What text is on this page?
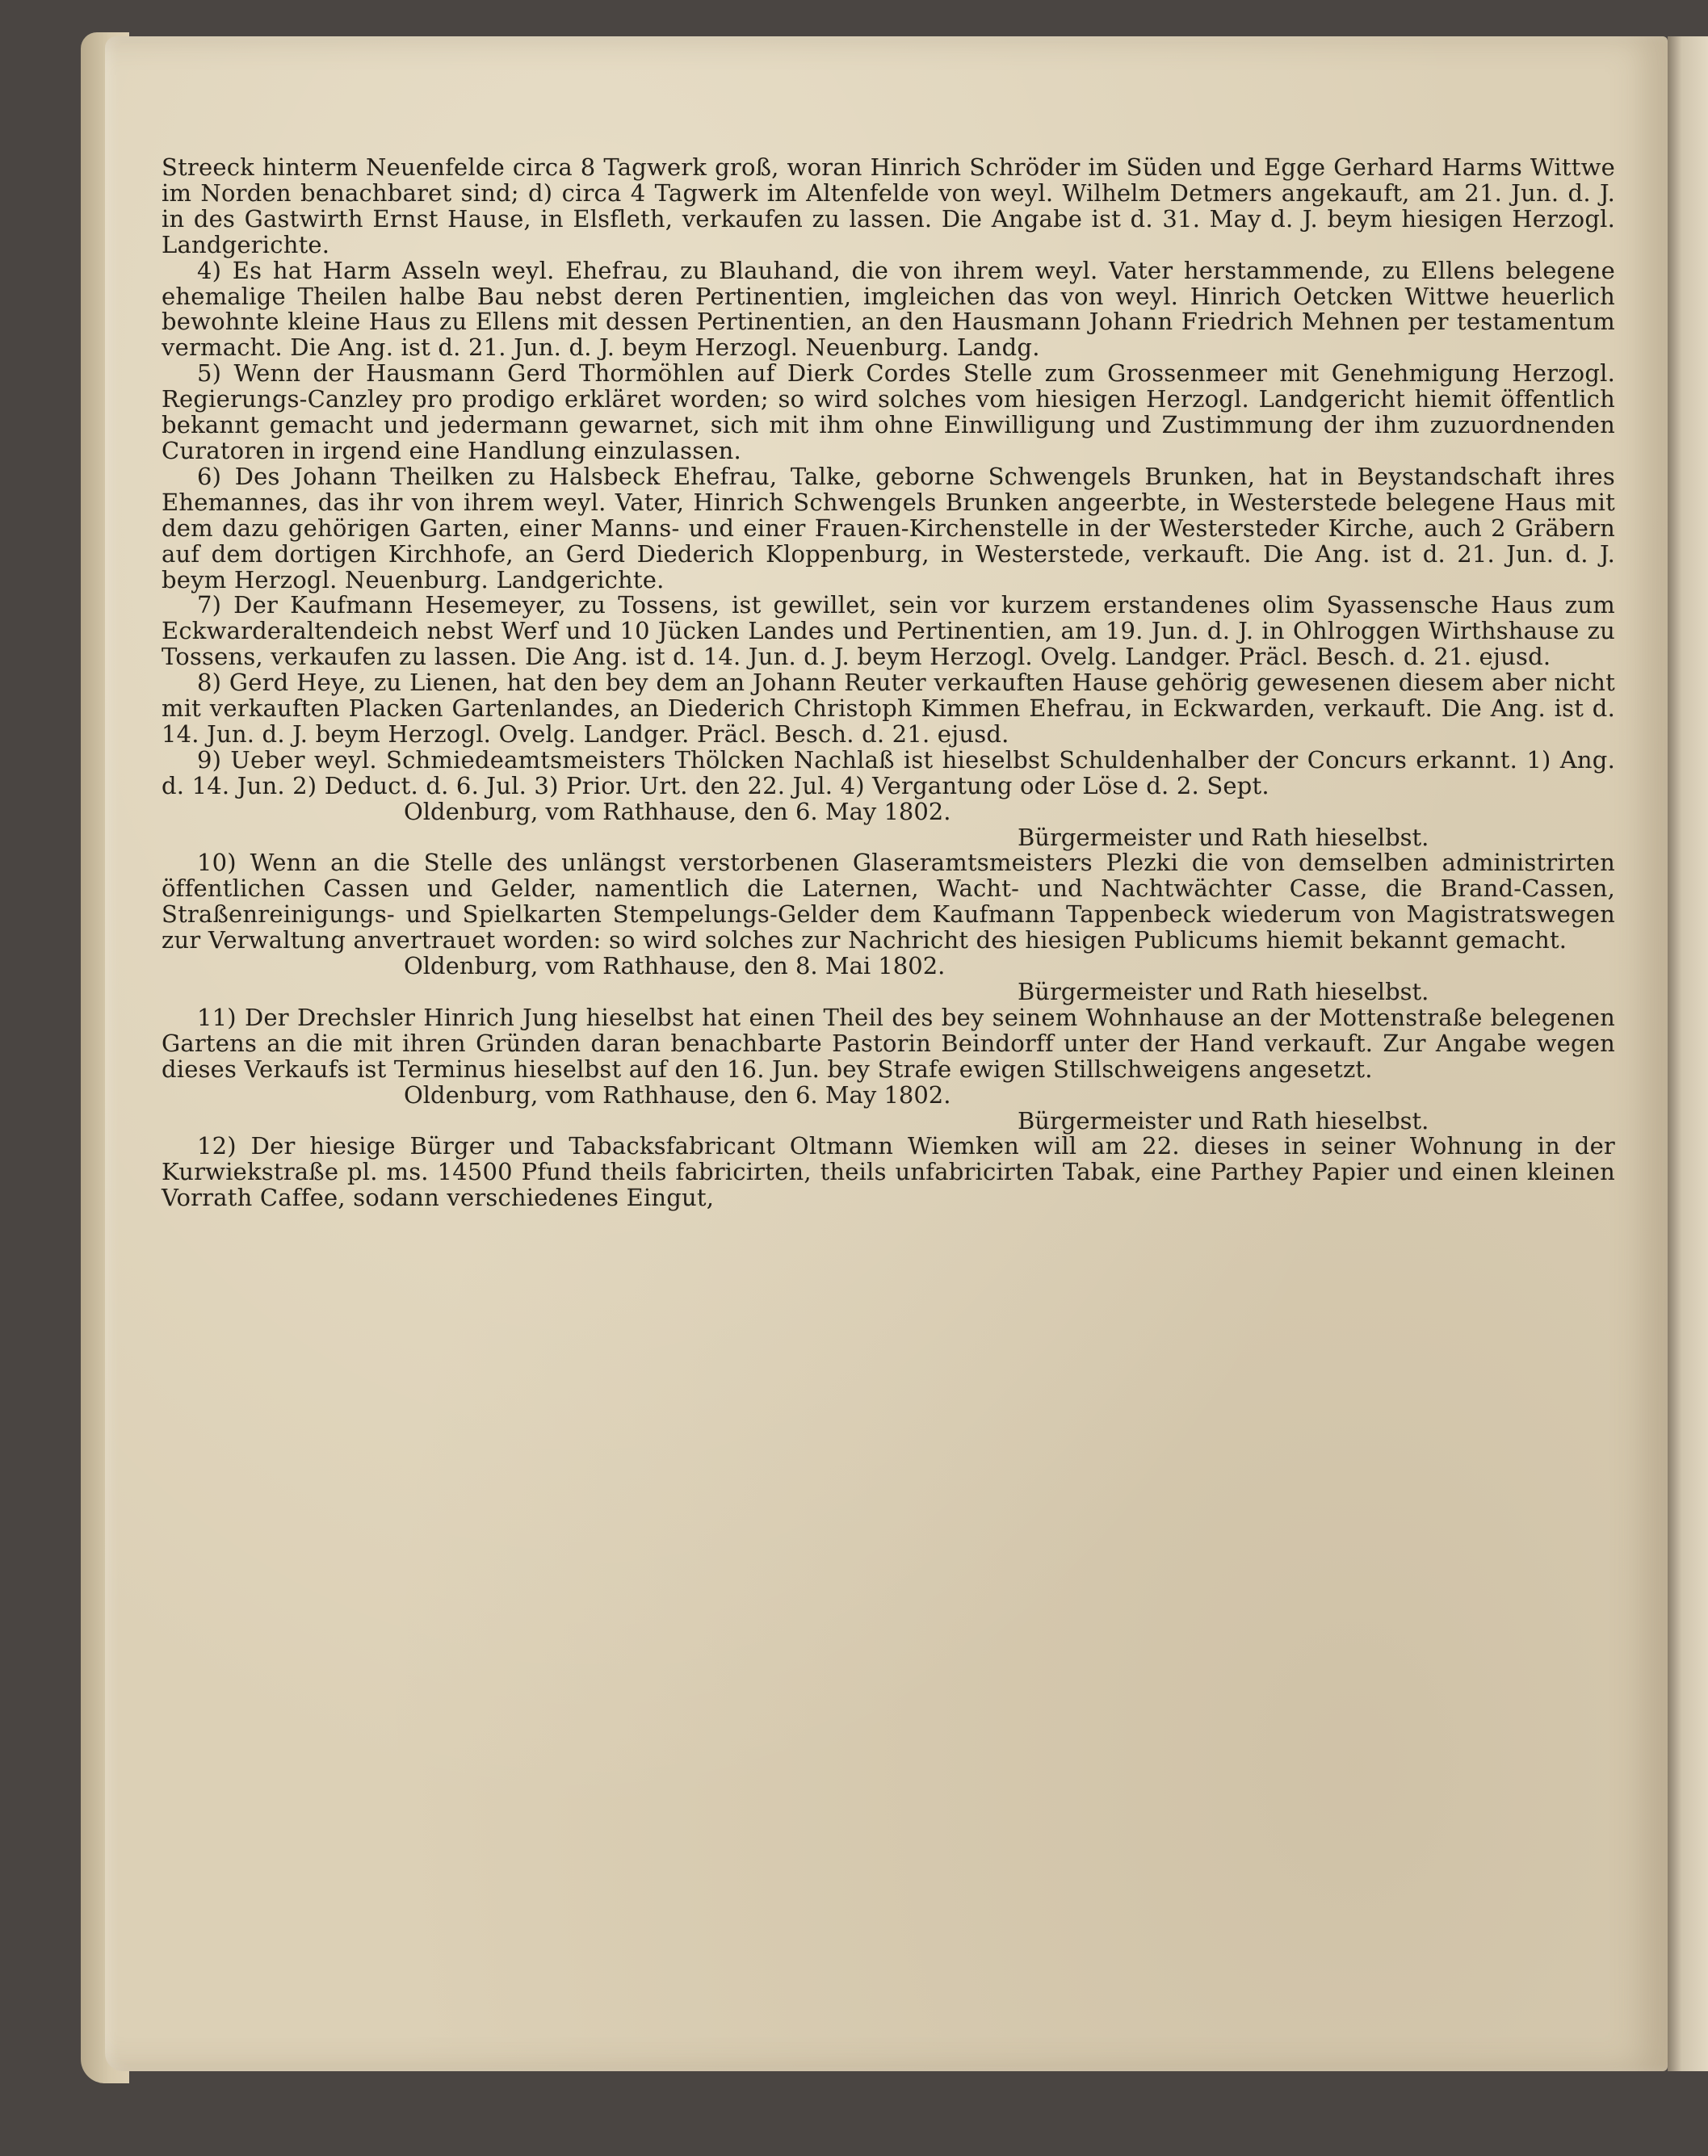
Streeck hinterm Neuenfelde circa 8 Tagwerk groß, woran Hinrich Schröder im Süden und Egge Gerhard Harms Wittwe im Norden benachbaret sind; d) circa 4 Tagwerk im Altenfelde von weyl. Wilhelm Detmers angekauft, am 21. Jun. d. J. in des Gastwirth Ernst Hause, in Elsfleth, verkaufen zu lassen. Die Angabe ist d. 31. May d. J. beym hiesigen Herzogl. Landgerichte.

4) Es hat Harm Asseln weyl. Ehefrau, zu Blauhand, die von ihrem weyl. Vater herstammende, zu Ellens belegene ehemalige Theilen halbe Bau nebst deren Pertinentien, imgleichen das von weyl. Hinrich Oetcken Wittwe heuerlich bewohnte kleine Haus zu Ellens mit dessen Pertinentien, an den Hausmann Johann Friedrich Mehnen per testamentum vermacht. Die Ang. ist d. 21. Jun. d. J. beym Herzogl. Neuenburg. Landg.

5) Wenn der Hausmann Gerd Thormöhlen auf Dierk Cordes Stelle zum Grossenmeer mit Genehmigung Herzogl. Regierungs-Canzley pro prodigo erkläret worden; so wird solches vom hiesigen Herzogl. Landgericht hiemit öffentlich bekannt gemacht und jedermann gewarnet, sich mit ihm ohne Einwilligung und Zustimmung der ihm zuzuordnenden Curatoren in irgend eine Handlung einzulassen.

6) Des Johann Theilken zu Halsbeck Ehefrau, Talke, geborne Schwengels Brunken, hat in Beystandschaft ihres Ehemannes, das ihr von ihrem weyl. Vater, Hinrich Schwengels Brunken angeerbte, in Westerstede belegene Haus mit dem dazu gehörigen Garten, einer Manns- und einer Frauen-Kirchenstelle in der Westersteder Kirche, auch 2 Gräbern auf dem dortigen Kirchhofe, an Gerd Diederich Kloppenburg, in Westerstede, verkauft. Die Ang. ist d. 21. Jun. d. J. beym Herzogl. Neuenburg. Landgerichte.

7) Der Kaufmann Hesemeyer, zu Tossens, ist gewillet, sein vor kurzem erstandenes olim Syassensche Haus zum Eckwarderaltendeich nebst Werf und 10 Jücken Landes und Pertinentien, am 19. Jun. d. J. in Ohlroggen Wirthshause zu Tossens, verkaufen zu lassen. Die Ang. ist d. 14. Jun. d. J. beym Herzogl. Ovelg. Landger. Präcl. Besch. d. 21. ejusd.

8) Gerd Heye, zu Lienen, hat den bey dem an Johann Reuter verkauften Hause gehörig gewesenen diesem aber nicht mit verkauften Placken Gartenlandes, an Diederich Christoph Kimmen Ehefrau, in Eckwarden, verkauft. Die Ang. ist d. 14. Jun. d. J. beym Herzogl. Ovelg. Landger. Präcl. Besch. d. 21. ejusd.

9) Ueber weyl. Schmiedeamtsmeisters Thölcken Nachlaß ist hieselbst Schuldenhalber der Concurs erkannt. 1) Ang. d. 14. Jun. 2) Deduct. d. 6. Jul. 3) Prior. Urt. den 22. Jul. 4) Vergantung oder Löse d. 2. Sept.

Oldenburg, vom Rathhause, den 6. May 1802.

Bürgermeister und Rath hieselbst.

10) Wenn an die Stelle des unlängst verstorbenen Glaseramtsmeisters Plezki die von demselben administrirten öffentlichen Cassen und Gelder, namentlich die Laternen, Wacht- und Nachtwächter Casse, die Brand-Cassen, Straßenreinigungs- und Spielkarten Stempelungs-Gelder dem Kaufmann Tappenbeck wiederum von Magistratswegen zur Verwaltung anvertrauet worden: so wird solches zur Nachricht des hiesigen Publicums hiemit bekannt gemacht.

Oldenburg, vom Rathhause, den 8. Mai 1802.

Bürgermeister und Rath hieselbst.

11) Der Drechsler Hinrich Jung hieselbst hat einen Theil des bey seinem Wohnhause an der Mottenstraße belegenen Gartens an die mit ihren Gründen daran benachbarte Pastorin Beindorff unter der Hand verkauft. Zur Angabe wegen dieses Verkaufs ist Terminus hieselbst auf den 16. Jun. bey Strafe ewigen Stillschweigens angesetzt.

Oldenburg, vom Rathhause, den 6. May 1802.

Bürgermeister und Rath hieselbst.

12) Der hiesige Bürger und Tabacksfabricant Oltmann Wiemken will am 22. dieses in seiner Wohnung in der Kurwiekstraße pl. ms. 14500 Pfund theils fabricirten, theils unfabricirten Tabak, eine Parthey Papier und einen kleinen Vorrath Caffee, sodann verschiedenes Eingut,
